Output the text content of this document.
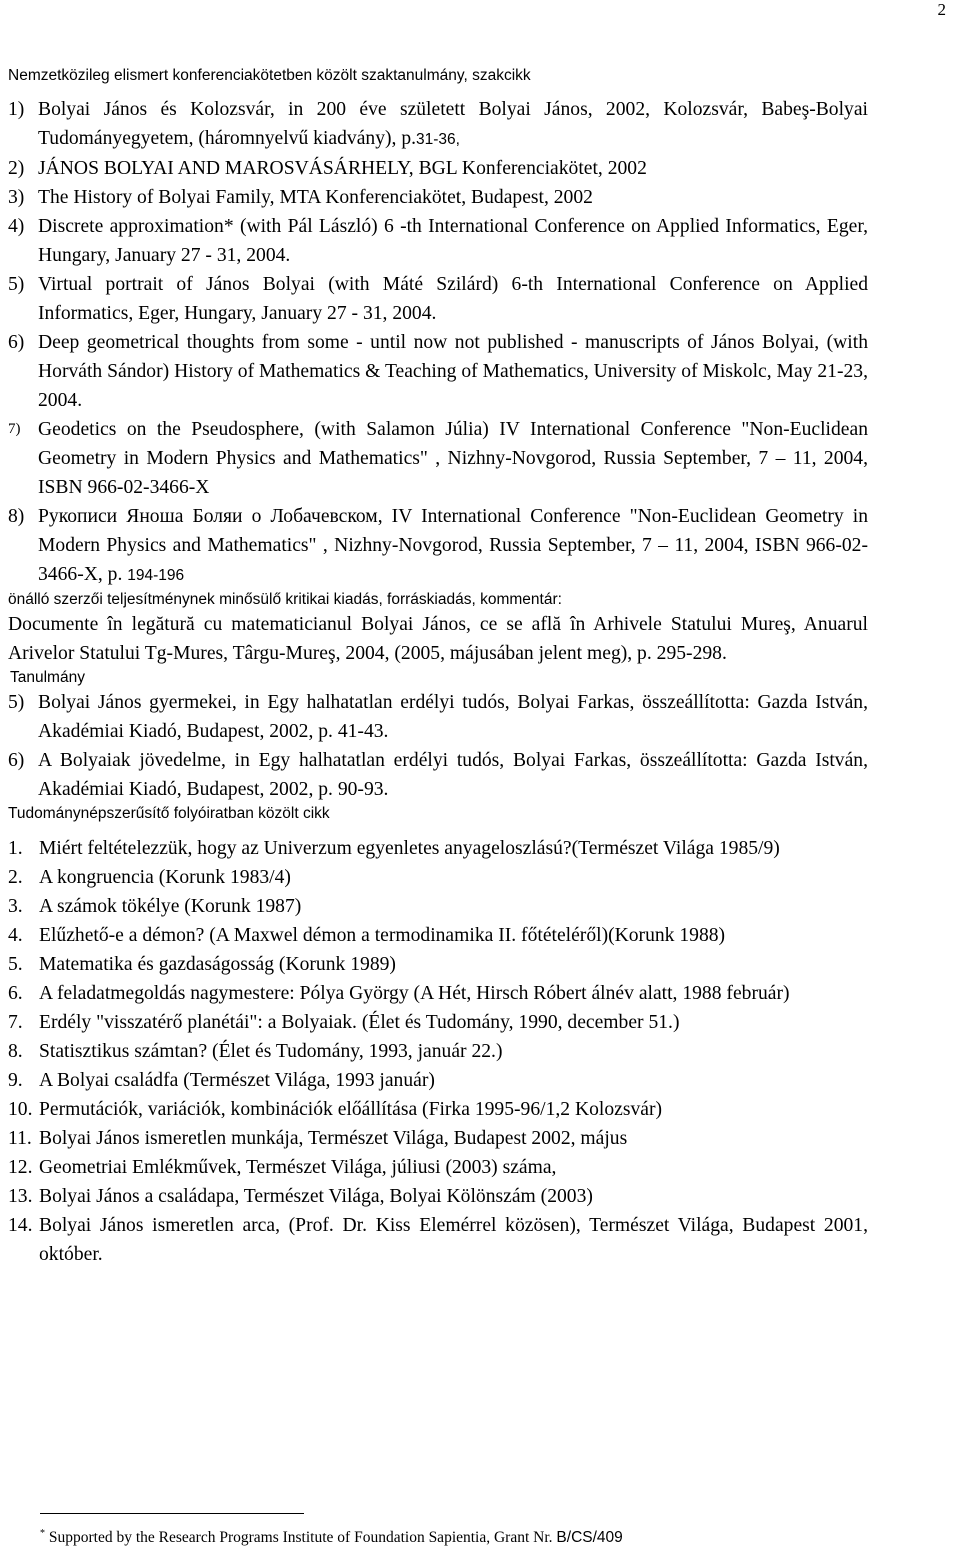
2

Nemzetközileg elismert konferenciakötetben közölt szaktanulmány, szakcikk

1) Bolyai János és Kolozsvár, in 200 éve született Bolyai János, 2002, Kolozsvár, Babeş-Bolyai Tudományegyetem, (háromnyelvű kiadvány), p.31-36,
2) JÁNOS BOLYAI AND MAROSVÁSÁRHELY, BGL Konferenciakötet, 2002
3) The History of Bolyai Family, MTA Konferenciakötet, Budapest, 2002
4) Discrete approximation* (with Pál László) 6 -th International Conference on Applied Informatics, Eger, Hungary, January 27 - 31, 2004.
5) Virtual portrait of János Bolyai (with Máté Szilárd) 6-th International Conference on Applied Informatics, Eger, Hungary, January 27 - 31, 2004.
6) Deep geometrical thoughts from some - until now not published - manuscripts of János Bolyai, (with Horváth Sándor) History of Mathematics & Teaching of Mathematics, University of Miskolc, May 21-23, 2004.
7) Geodetics on the Pseudosphere, (with Salamon Júlia) IV International Conference "Non-Euclidean Geometry in Modern Physics and Mathematics" , Nizhny-Novgorod, Russia September, 7 – 11, 2004, ISBN 966-02-3466-X
8) Рукописи Яноша Боляи о Лобачевском, IV International Conference "Non-Euclidean Geometry in Modern Physics and Mathematics" , Nizhny-Novgorod, Russia September, 7 – 11, 2004, ISBN 966-02-3466-X, p. 194-196

önálló szerzői teljesítménynek minősülő kritikai kiadás, forráskiadás, kommentár:

Documente în legătură cu matematicianul Bolyai János, ce se află în Arhivele Statului Mureş, Anuarul Arivelor Statului Tg-Mures, Târgu-Mureş, 2004, (2005, májusában jelent meg), p. 295-298.

Tanulmány

5) Bolyai János gyermekei, in Egy halhatatlan erdélyi tudós, Bolyai Farkas, összeállította: Gazda István, Akadémiai Kiadó, Budapest, 2002, p. 41-43.
6) A Bolyaiak jövedelme, in Egy halhatatlan erdélyi tudós, Bolyai Farkas, összeállította: Gazda István, Akadémiai Kiadó, Budapest, 2002, p. 90-93.

Tudománynépszerűsítő folyóiratban közölt cikk

1. Miért feltételezzük, hogy az Univerzum egyenletes anyageloszlású?(Természet Világa 1985/9)
2. A kongruencia (Korunk 1983/4)
3. A számok tökélye (Korunk 1987)
4. Elűzhető-e a démon? (A Maxwel démon a termodinamika II. főtételéről)(Korunk 1988)
5. Matematika és gazdaságosság (Korunk 1989)
6. A feladatmegoldás nagymestere: Pólya György (A Hét, Hirsch Róbert álnév alatt, 1988 február)
7. Erdély "visszatérő planétái": a Bolyaiak. (Élet és Tudomány, 1990, december 51.)
8. Statisztikus számtan? (Élet és Tudomány, 1993, január 22.)
9. A Bolyai családfa (Természet Világa, 1993 január)
10. Permutációk, variációk, kombinációk előállítása (Firka 1995-96/1,2 Kolozsvár)
11. Bolyai János ismeretlen munkája, Természet Világa, Budapest 2002, május
12. Geometriai Emlékművek, Természet Világa, júliusi (2003) száma,
13. Bolyai János a családapa, Természet Világa, Bolyai Kölönszám (2003)
14. Bolyai János ismeretlen arca, (Prof. Dr. Kiss Elemérrel közösen), Természet Világa, Budapest 2001, október.
* Supported by the Research Programs Institute of Foundation Sapientia, Grant Nr. B/CS/409
